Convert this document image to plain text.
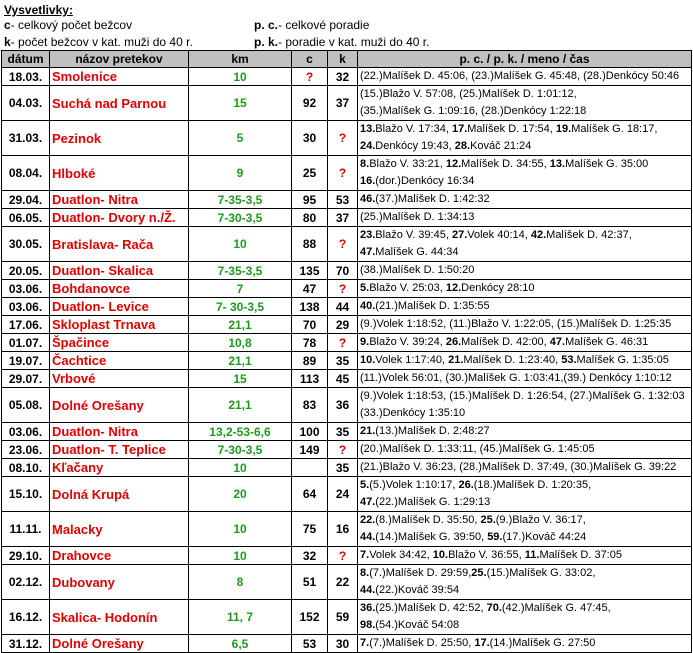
Vysvetlivky:
c- celkový počet bežcov
k- počet bežcov v kat. muži do 40 r.
p. c.- celkové poradie
p. k.- poradie v kat. muži do 40 r.
dátum	názov pretekov	km	c	k	p. c. / p. k. / meno / čas
18.03.	Smolenice	10	?	32	(22.)Malíšek D. 45:06, (23.)Malíšek G. 45:48, (28.)Denkócy 50:46

04.03.	Suchá nad Parnou	15	92	37	(15.)Blažo V. 57:08, (25.)Malíšek D. 1:01:12,
(35.)Malíšek G. 1:09:16, (28.)Denkócy 1:22:18

31.03.	Pezinok	5	30	?	13.Blažo V. 17:34, 17.Malíšek D. 17:54, 19.Malíšek G. 18:17,
24.Denkócy 19:43, 28.Kováč 21:24

08.04.	Hlboké	9	25	?	8.Blažo V. 33:21, 12.Malíšek D. 34:55, 13.Malíšek G. 35:00
16.(dor.)Denkócy 16:34

29.04.	Duatlon- Nitra	7-35-3,5	95	53	46.(37.)Malíšek D. 1:42:32

06.05.	Duatlon- Dvory n./Ž.	7-30-3,5	80	37	(25.)Malíšek D. 1:34:13

30.05.	Bratislava- Rača	10	88	?	23.Blažo V. 39:45, 27.Volek 40:14, 42.Malíšek D. 42:37,
47.Malíšek G. 44:34

20.05.	Duatlon- Skalica	7-35-3,5	135	70	(38.)Malíšek D. 1:50:20

03.06.	Bohdanovce	7	47	?	5.Blažo V. 25:03, 12.Denkócy 28:10

03.06.	Duatlon- Levice	7- 30-3,5	138	44	40.(21.)Malíšek D. 1:35:55

17.06.	Skloplast Trnava	21,1	70	29	(9.)Volek 1:18:52, (11.)Blažo V. 1:22:05, (15.)Malíšek D. 1:25:35

01.07.	Špačince	10,8	78	?	9.Blažo V. 39:24, 26.Malíšek D. 42:00, 47.Malíšek G. 46:31

19.07.	Čachtice	21,1	89	35	10.Volek 1:17:40, 21.Malíšek D. 1:23:40, 53.Malíšek G. 1:35:05

29.07.	Vrbové	15	113	45	(11.)Volek 56:01, (30.)Malíšek G. 1:03:41,(39.) Denkócy 1:10:12

05.08.	Dolné Orešany	21,1	83	36	(9.)Volek 1:18:53, (15.)Malíšek D. 1:26:54, (27.)Malíšek G. 1:32:03
(33.)Denkócy 1:35:10

03.06.	Duatlon- Nitra	13,2-53-6,6	100	35	21.(13.)Malíšek D. 2:48:27

23.06.	Duatlon- T. Teplice	7-30-3,5	149	?	(20.)Malíšek D. 1:33:11, (45.)Malíšek G. 1:45:05

08.10.	Kľačany	10		35	(21.)Blažo V. 36:23, (28.)Malíšek D. 37:49, (30.)Malíšek G. 39:22

15.10.	Dolná Krupá	20	64	24	5.(5.)Volek 1:10:17, 26.(18.)Malíšek D. 1:20:35,
47.(22.)Malíšek G. 1:29:13

11.11.	Malacky	10	75	16	22.(8.)Malíšek D. 35:50, 25.(9.)Blažo V. 36:17,
44.(14.)Malíšek G. 39:50, 59.(17.)Kováč 44:24

29.10.	Drahovce	10	32	?	7.Volek 34:42, 10.Blažo V. 36:55, 11.Malíšek D. 37:05

02.12.	Dubovany	8	51	22	8.(7.)Malíšek D. 29:59,25.(15.)Malíšek G. 33:02,
44.(22.)Kováč 39:54

16.12.	Skalica- Hodonín	11, 7	152	59	36.(25.)Malíšek D. 42:52, 70.(42.)Malíšek G. 47:45,
98.(54.)Kováč 54:08

31.12.	Dolné Orešany	6,5	53	30	7.(7.)Malíšek D. 25:50, 17.(14.)Malíšek G. 27:50
